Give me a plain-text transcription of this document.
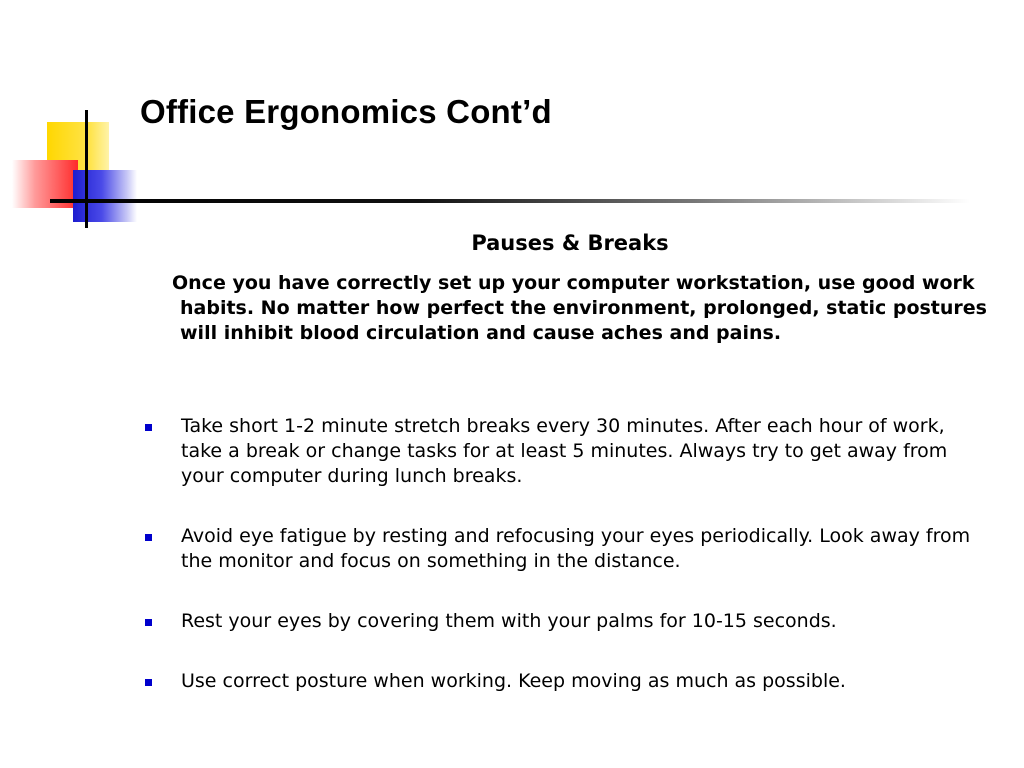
Office Ergonomics Cont’d
Pauses & Breaks

Once you have correctly set up your computer workstation, use good work habits. No matter how perfect the environment, prolonged, static postures will inhibit blood circulation and cause aches and pains.

Take short 1-2 minute stretch breaks every 30 minutes. After each hour of work, take a break or change tasks for at least 5 minutes. Always try to get away from your computer during lunch breaks.
Avoid eye fatigue by resting and refocusing your eyes periodically. Look away from the monitor and focus on something in the distance.
Rest your eyes by covering them with your palms for 10-15 seconds.
Use correct posture when working. Keep moving as much as possible.
